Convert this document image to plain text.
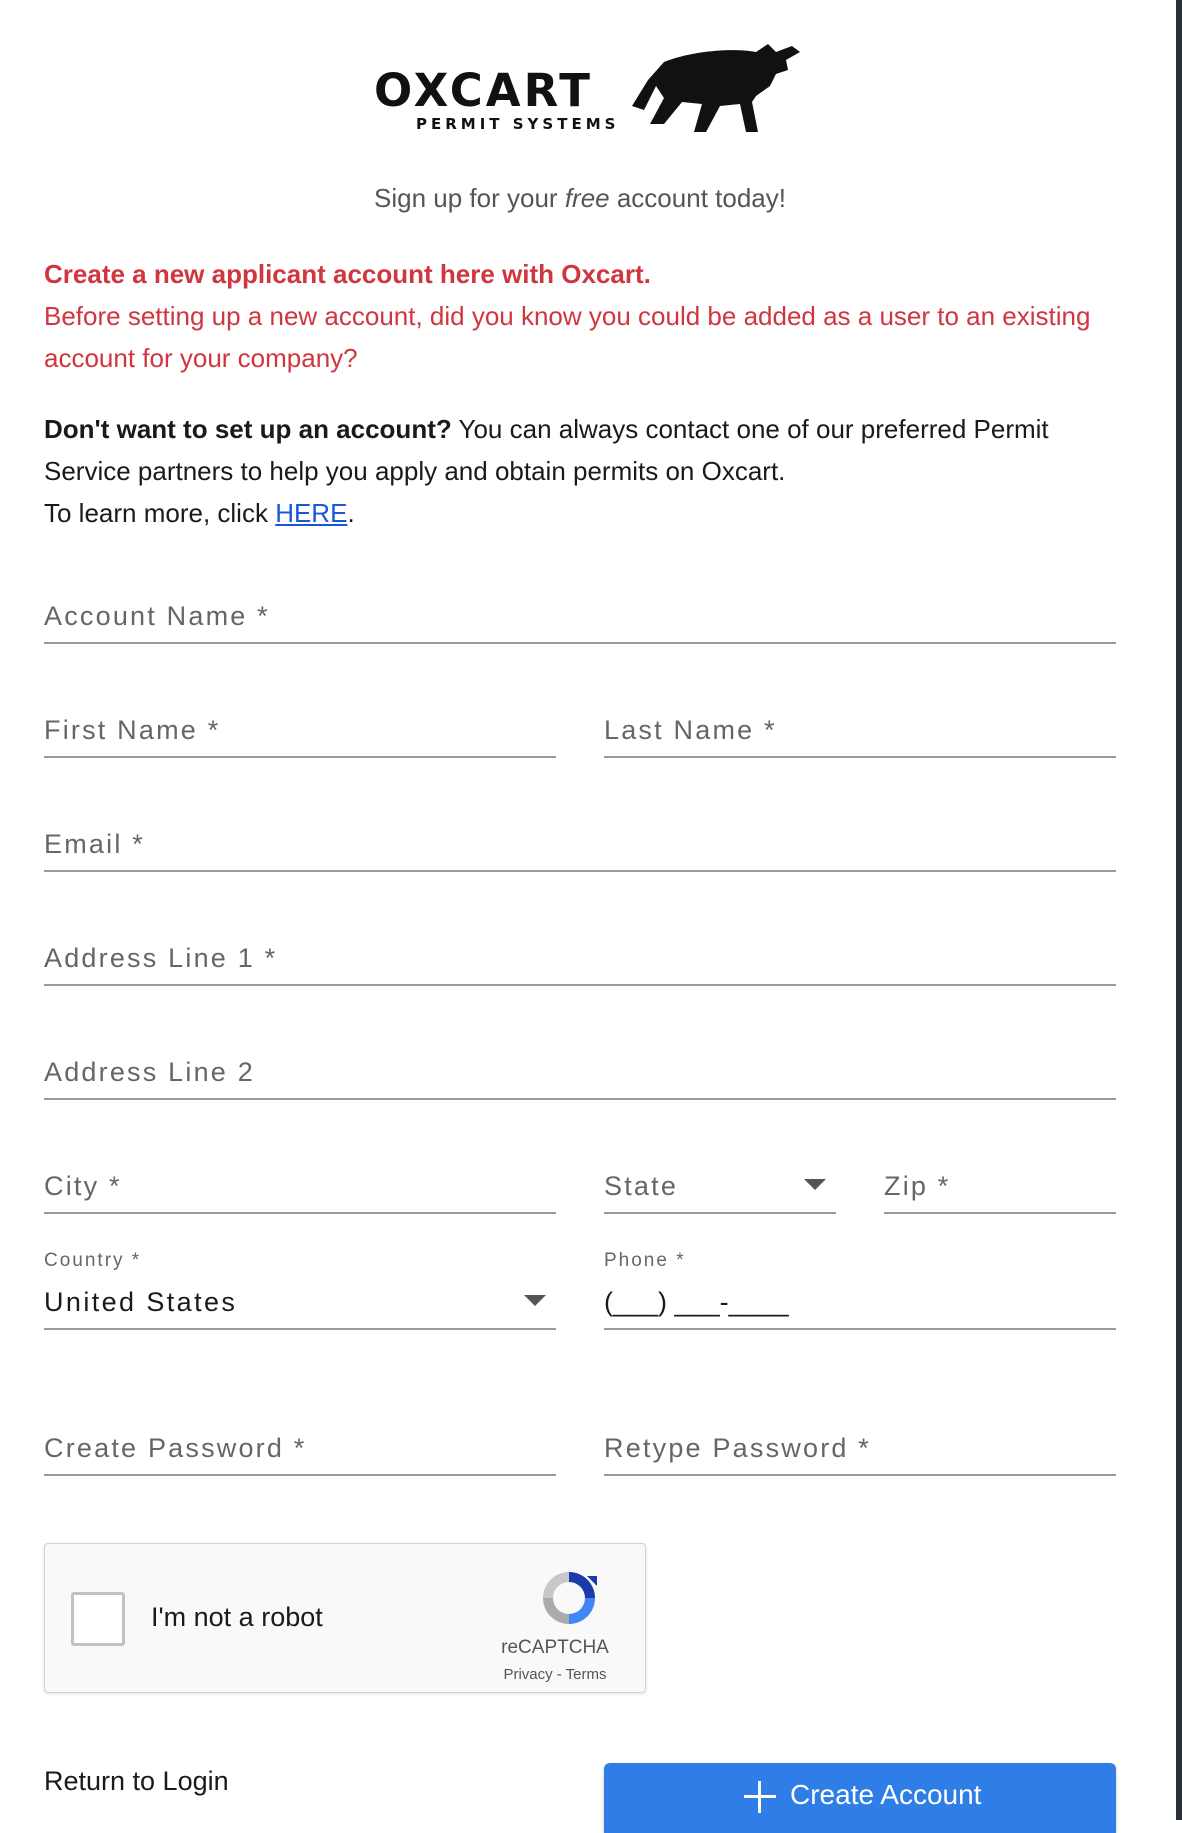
OXCART
PERMIT SYSTEMS
Sign up for your free account today!
Create a new applicant account here with Oxcart.
Before setting up a new account, did you know you could be added as a user to an existing account for your company?
Don't want to set up an account? You can always contact one of our preferred Permit Service partners to help you apply and obtain permits on Oxcart.
To learn more, click HERE.
Account Name *
First Name *	Last Name *
Email *
Address Line 1 *
Address Line 2
City *	State	Zip *
Country *
United States
Phone *
(___) ___-____
Create Password *	Retype Password *
I'm not a robot
reCAPTCHA
Privacy - Terms
Return to Login	Create Account
